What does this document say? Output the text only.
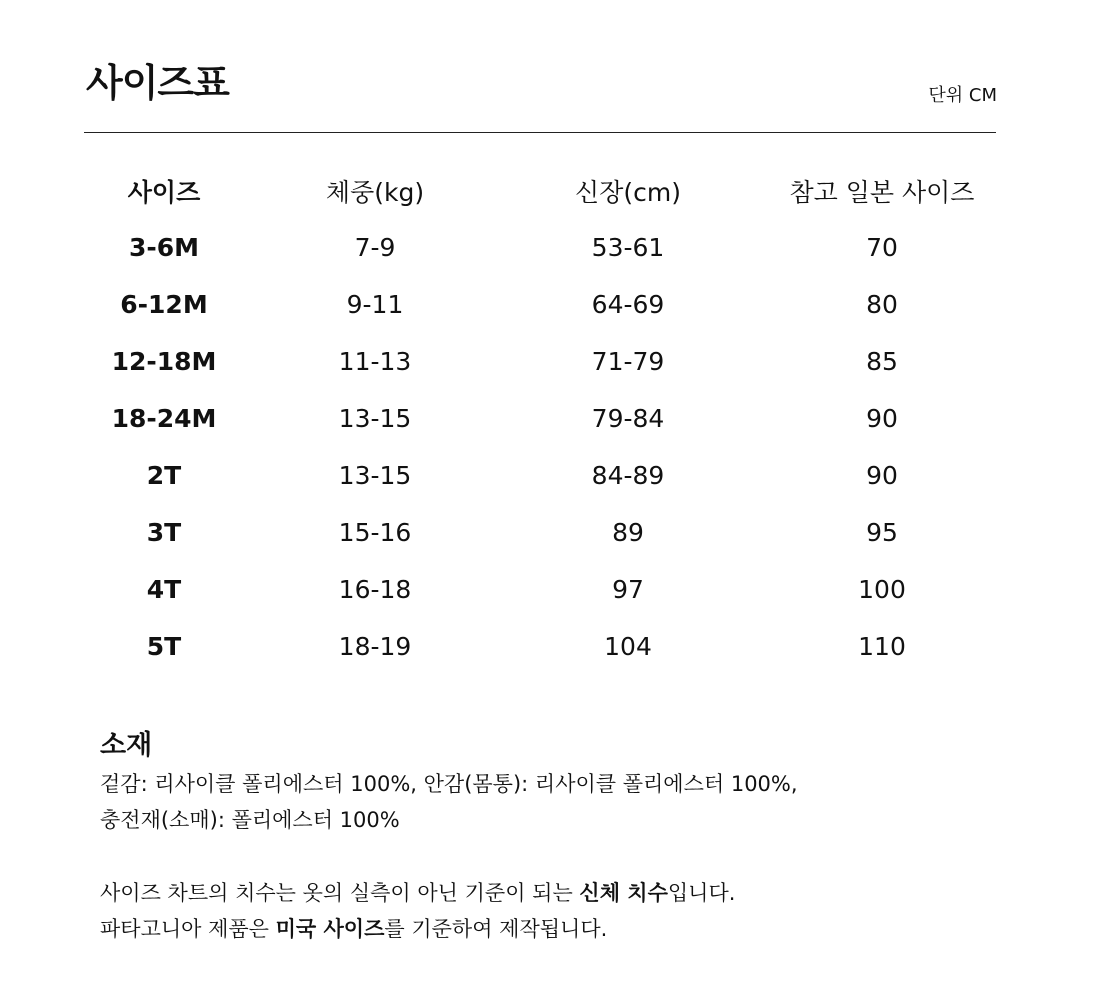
사이즈표	단위 CM
사이즈	체중(kg)	신장(cm)	참고 일본 사이즈
3-6M	7-9	53-61	70
6-12M	9-11	64-69	80
12-18M	11-13	71-79	85
18-24M	13-15	79-84	90
2T	13-15	84-89	90
3T	15-16	89	95
4T	16-18	97	100
5T	18-19	104	110
소재

겉감: 리사이클 폴리에스터 100%, 안감(몸통): 리사이클 폴리에스터 100%,

충전재(소매): 폴리에스터 100%

사이즈 차트의 치수는 옷의 실측이 아닌 기준이 되는 신체 치수입니다.

파타고니아 제품은 미국 사이즈를 기준하여 제작됩니다.
